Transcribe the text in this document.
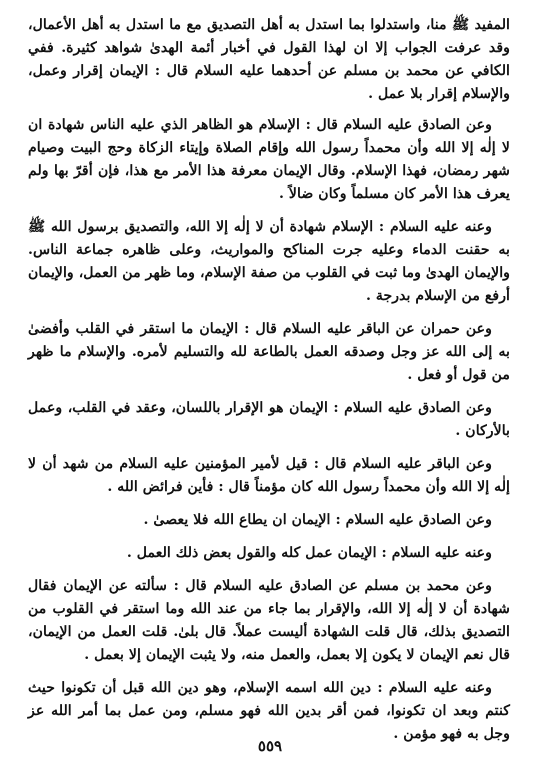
المفيد ﷺ منا، واستدلوا بما استدل به أهل التصديق مع ما استدل به أهل الأعمال، وقد عرفت الجواب إلا ان لهذا القول في أخبار أئمة الهدىٰ شواهد كثيرة. ففي الكافي عن محمد بن مسلم عن أحدهما عليه السلام قال : الإيمان إقرار وعمل، والإسلام إقرار بلا عمل .

وعن الصادق عليه السلام قال : الإسلام هو الظاهر الذي عليه الناس شهادة ان لا إلٰه إلا الله وأن محمداً رسول الله وإقام الصلاة وإيتاء الزكاة وحج البيت وصيام شهر رمضان، فهذا الإسلام. وقال الإيمان معرفة هذا الأمر مع هذا، فإن أقرّ بها ولم يعرف هذا الأمر كان مسلماً وكان ضالاً .

وعنه عليه السلام : الإسلام شهادة أن لا إلٰه إلا الله، والتصديق برسول الله ﷺ به حقنت الدماء وعليه جرت المناكح والمواريث، وعلى ظاهره جماعة الناس. والإيمان الهدىٰ وما ثبت في القلوب من صفة الإسلام، وما ظهر من العمل، والإيمان أرفع من الإسلام بدرجة .

وعن حمران عن الباقر عليه السلام قال : الإيمان ما استقر في القلب وأفضىٰ به إلى الله عز وجل وصدقه العمل بالطاعة لله والتسليم لأمره. والإسلام ما ظهر من قول أو فعل .

وعن الصادق عليه السلام : الإيمان هو الإقرار باللسان، وعقد في القلب، وعمل بالأركان .

وعن الباقر عليه السلام قال : قيل لأمير المؤمنين عليه السلام من شهد أن لا إلٰه إلا الله وأن محمداً رسول الله كان مؤمناً قال : فأين فرائض الله .

وعن الصادق عليه السلام : الإيمان ان يطاع الله فلا يعصىٰ .

وعنه عليه السلام : الإيمان عمل كله والقول بعض ذلك العمل .

وعن محمد بن مسلم عن الصادق عليه السلام قال : سألته عن الإيمان فقال شهادة أن لا إلٰه إلا الله، والإقرار بما جاء من عند الله وما استقر في القلوب من التصديق بذلك، قال قلت الشهادة أليست عملاً. قال بلىٰ. قلت العمل من الإيمان، قال نعم الإيمان لا يكون إلا بعمل، والعمل منه، ولا يثبت الإيمان إلا بعمل .

وعنه عليه السلام : دين الله اسمه الإسلام، وهو دين الله قبل أن تكونوا حيث كنتم وبعد ان تكونوا، فمن أقر بدين الله فهو مسلم، ومن عمل بما أمر الله عز وجل به فهو مؤمن .

٥٥٩
